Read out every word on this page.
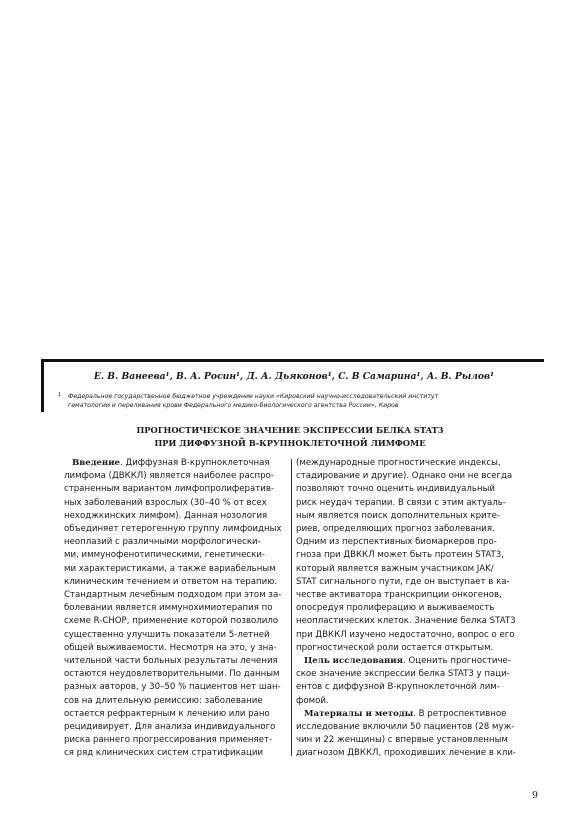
Е. В. Ванеева¹, В. А. Росин¹, Д. А. Дьяконов¹, С. В Самарина¹, А. В. Рылов¹
1 Федеральное государственное бюджетное учреждение науки «Кировский научно-исследовательский институт
гематологии и переливания крови Федерального медико-биологического агентства России», Киров
ПРОГНОСТИЧЕСКОЕ ЗНАЧЕНИЕ ЭКСПРЕССИИ БЕЛКА STAT3
ПРИ ДИФФУЗНОЙ В-КРУПНОКЛЕТОЧНОЙ ЛИМФОМЕ
Введение. Диффузная В-крупноклеточная
лимфома (ДВККЛ) является наиболее распро-
страненным вариантом лимфопролифератив-
ных заболеваний взрослых (30–40 % от всех
неходжкинских лимфом). Данная нозология
объединяет гетерогенную группу лимфоидных
неоплазий с различными морфологически-
ми, иммунофенотипическими, генетически-
ми характеристиками, а также вариабельным
клиническим течением и ответом на терапию.
Стандартным лечебным подходом при этом за-
болевании является иммунохимиотерапия по
схеме R-CHOP, применение которой позволило
существенно улучшить показатели 5-летней
общей выживаемости. Несмотря на это, у зна-
чительной части больных результаты лечения
остаются неудовлетворительными. По данным
разных авторов, у 30–50 % пациентов нет шан-
сов на длительную ремиссию: заболевание
остается рефрактерным к лечению или рано
рецидивирует. Для анализа индивидуального
риска раннего прогрессирования применяет-
ся ряд клинических систем стратификации
(международные прогностические индексы,
стадирование и другие). Однако они не всегда
позволяют точно оценить индивидуальный
риск неудач терапии. В связи с этим актуаль-
ным является поиск дополнительных крите-
риев, определяющих прогноз заболевания.
Одним из перспективных биомаркеров про-
гноза при ДВККЛ может быть протеин STAT3,
который является важным участником JAK/
STAT сигнального пути, где он выступает в ка-
честве активатора транскрипции онкогенов,
опосредуя пролиферацию и выживаемость
неопластических клеток. Значение белка STAT3
при ДВККЛ изучено недостаточно, вопрос о его
прогностической роли остается открытым.
Цель исследования. Оценить прогностиче-
ское значение экспрессии белка STAT3 у паци-
ентов с диффузной В-крупноклеточной лим-
фомой.
Материалы и методы. В ретроспективное
исследование включили 50 пациентов (28 муж-
чин и 22 женщины) с впервые установленным
диагнозом ДВККЛ, проходивших лечение в кли-
9
